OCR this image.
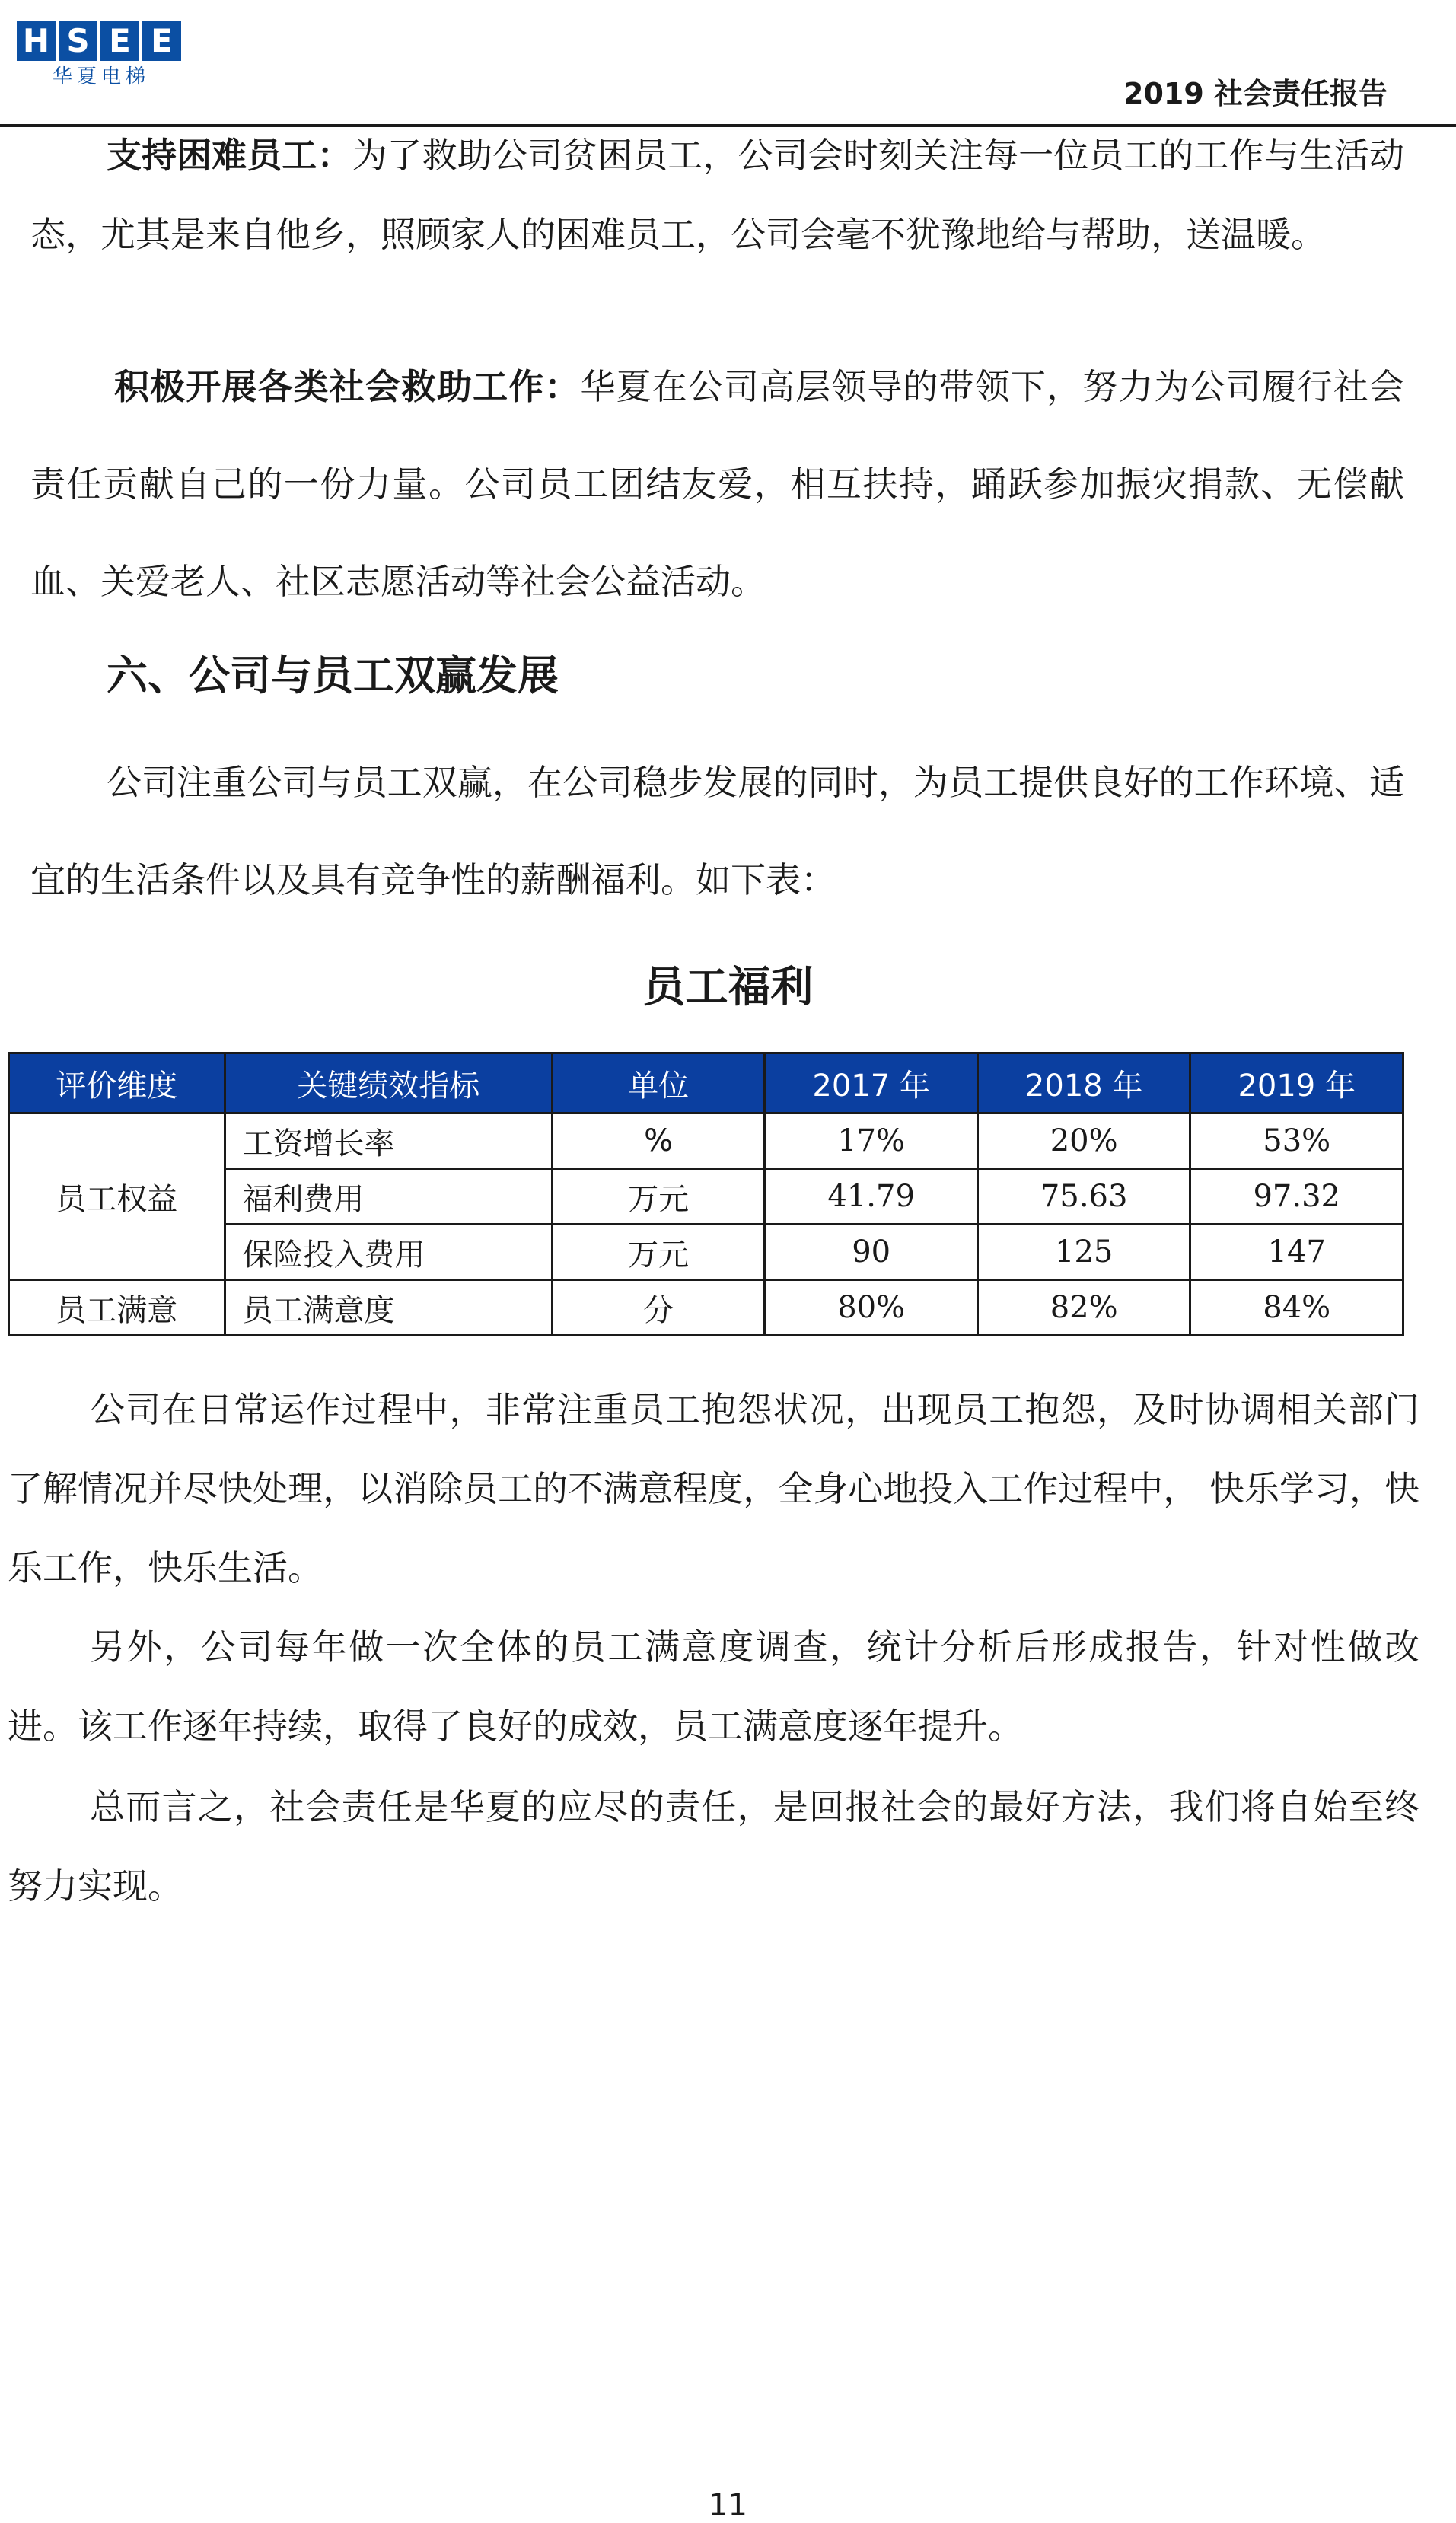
H S E E
华夏电梯	2019 社会责任报告

支持困难员工：为了救助公司贫困员工，公司会时刻关注每一位员工的工作与生活动态，尤其是来自他乡，照顾家人的困难员工，公司会毫不犹豫地给与帮助，送温暖。

积极开展各类社会救助工作：华夏在公司高层领导的带领下，努力为公司履行社会责任贡献自己的一份力量。公司员工团结友爱，相互扶持，踊跃参加振灾捐款、无偿献血、关爱老人、社区志愿活动等社会公益活动。

六、公司与员工双赢发展

公司注重公司与员工双赢，在公司稳步发展的同时，为员工提供良好的工作环境、适宜的生活条件以及具有竞争性的薪酬福利。如下表：

员工福利
评价维度	关键绩效指标	单位	2017 年	2018 年	2019 年
员工权益	工资增长率	%	17%	20%	53%
	福利费用	万元	41.79	75.63	97.32
	保险投入费用	万元	90	125	147
员工满意	员工满意度	分	80%	82%	84%

公司在日常运作过程中，非常注重员工抱怨状况，出现员工抱怨，及时协调相关部门了解情况并尽快处理，以消除员工的不满意程度，全身心地投入工作过程中， 快乐学习，快乐工作，快乐生活。

另外，公司每年做一次全体的员工满意度调查，统计分析后形成报告，针对性做改进。该工作逐年持续，取得了良好的成效，员工满意度逐年提升。

总而言之，社会责任是华夏的应尽的责任，是回报社会的最好方法，我们将自始至终努力实现。

11
